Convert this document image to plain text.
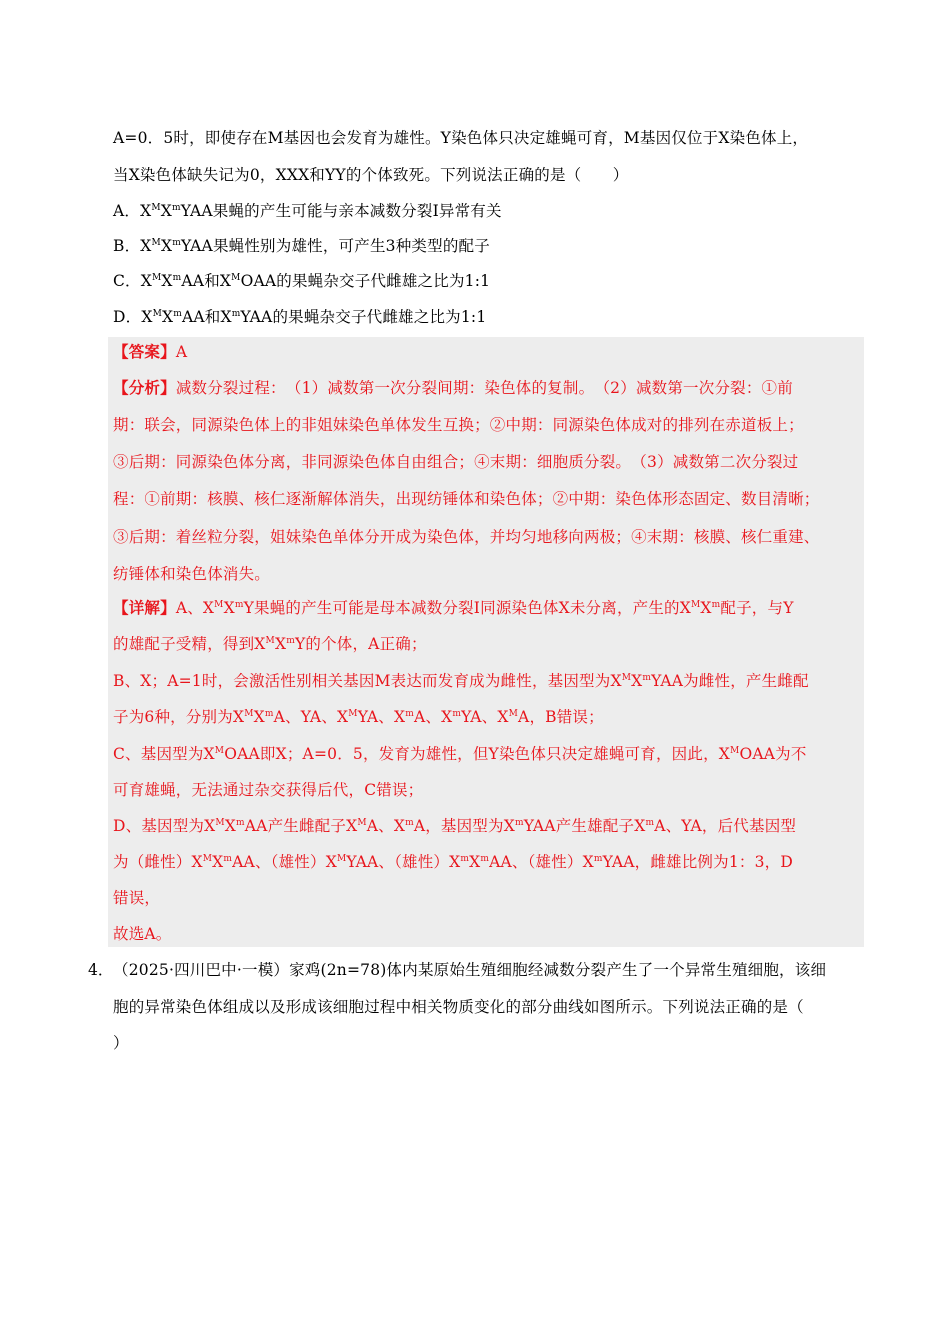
A=0．5时，即使存在M基因也会发育为雄性。Y染色体只决定雄蝇可育，M基因仅位于X染色体上，
当X染色体缺失记为0，XXX和YY的个体致死。下列说法正确的是（　　）
A．$X^MX^mYAA$果蝇的产生可能与亲本减数分裂Ⅰ异常有关
B．$X^MX^mYAA$果蝇性别为雄性，可产生3种类型的配子
C．$X^MX^mAA$和$X^MOAA$的果蝇杂交子代雌雄之比为1:1
D．$X^MX^mAA$和$X^mYAA$的果蝇杂交子代雌雄之比为1:1
【答案】A
【分析】减数分裂过程：　（1）减数第一次分裂间期：染色体的复制。　（2）减数第一次分裂：①前
期：联会，同源染色体上的非姐妹染色单体发生互换；②中期：同源染色体成对的排列在赤道板上；
③后期：同源染色体分离，非同源染色体自由组合；④末期：细胞质分裂。　（3）减数第二次分裂过
程：①前期：核膜、核仁逐渐解体消失，出现纺锤体和染色体；②中期：染色体形态固定、数目清晰；
③后期：着丝粒分裂，姐妹染色单体分开成为染色体，并均匀地移向两极；④末期：核膜、核仁重建、
纺锤体和染色体消失。
【详解】A、$X^MX^mY$果蝇的产生可能是母本减数分裂Ⅰ同源染色体X未分离，产生的$X^MX^m$配子，与Y
的雄配子受精，得到$X^MX^mY$的个体，A正确；
B、X；A=1时，会激活性别相关基因M表达而发育成为雌性，基因型为$X^MX^mYAA$为雌性，产生雌配
子为6种，分别为$X^MX^mA$、YA、$X^MYA$、$X^mA$、$X^mYA$、$X^MA$，B错误；
C、基因型为$X^MOAA$即X；A=0．5，发育为雄性，但Y染色体只决定雄蝇可育，因此，$X^MOAA$为不
可育雄蝇，无法通过杂交获得后代，C错误；
D、基因型为$X^MX^mAA$产生雌配子$X^MA$、$X^mA$，基因型为$X^mYAA$产生雄配子$X^mA$、YA，后代基因型
为（雌性）$X^MX^mAA$、（雄性）$X^MYAA$、（雄性）$X^mX^mAA$、（雄性）$X^mYAA$，雌雄比例为1：3，D
错误，
故选A。
4． （2025·四川巴中·一模）家鸡(2n=78)体内某原始生殖细胞经减数分裂产生了一个异常生殖细胞，该细
胞的异常染色体组成以及形成该细胞过程中相关物质变化的部分曲线如图所示。下列说法正确的是（
）
